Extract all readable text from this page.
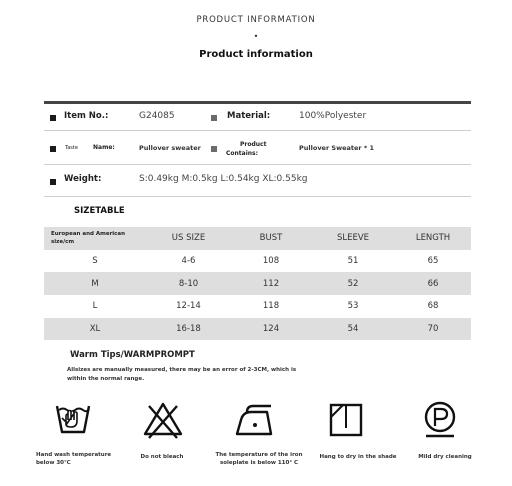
PRODUCT INFORMATION
•
Product information
Item No.:	G24085	Material:	100%Polyester
Taste	Name:	Pullover sweater	Product
Contains:
Pullover Sweater * 1
Weight:	S:0.49kg M:0.5kg L:0.54kg XL:0.55kg
SIZETABLE
European and American
size/cm	US SIZE	BUST	SLEEVE	LENGTH
S	4-6	108	51	65
M	8-10	112	52	66
L	12-14	118	53	68
XL	16-18	124	54	70
Warm Tips/WARMPROMPT
Allsizes are manually measured, there may be an error of 2-3CM, which is
within the normal range.
Hand wash temperature
below 30℃
Do not bleach	The temperature of the iron
soleplate is below 110° C
Hang to dry in the shade	Mild dry cleaning
